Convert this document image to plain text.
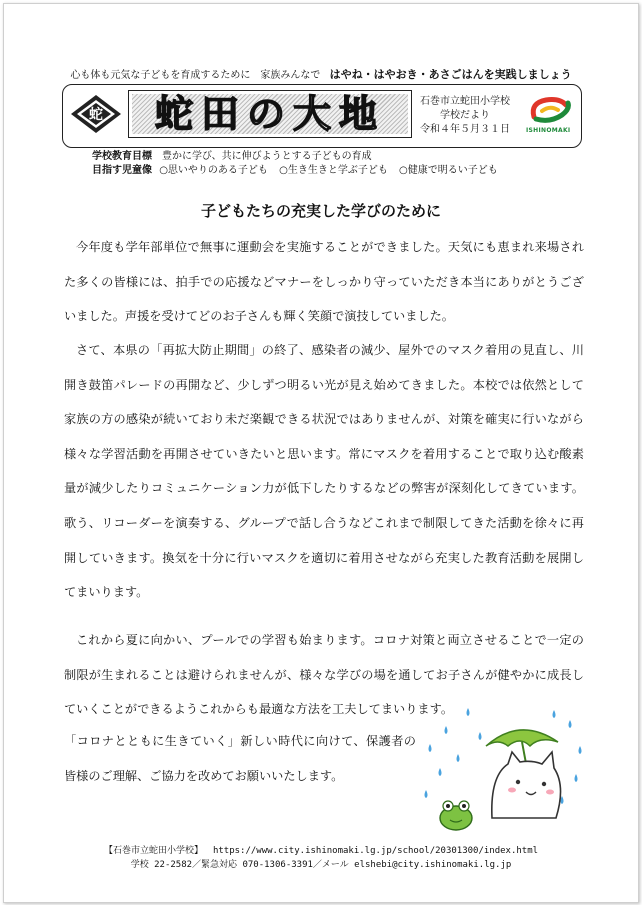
心も体も元気な子どもを育成するために　家族みんなで はやね・はやおき・あさごはんを実践しましょう
蛇	蛇田の大地	石巻市立蛇田小学校
学校だより
令和４年５月３１日	ISHINOMAKI
学校教育目標 豊かに学び、共に伸びようとする子どもの育成
目指す児童像 ○思いやりのある子ども ○生き生きと学ぶ子ども ○健康で明るい子ども
子どもたちの充実した学びのために
今年度も学年部単位で無事に運動会を実施することができました。天気にも恵まれ来場された多くの皆様には、拍手での応援などマナーをしっかり守っていただき本当にありがとうございました。声援を受けてどのお子さんも輝く笑顔で演技していました。
さて、本県の「再拡大防止期間」の終了、感染者の減少、屋外でのマスク着用の見直し、川開き鼓笛パレードの再開など、少しずつ明るい光が見え始めてきました。本校では依然として家族の方の感染が続いており未だ楽観できる状況ではありませんが、対策を確実に行いながら様々な学習活動を再開させていきたいと思います。常にマスクを着用することで取り込む酸素量が減少したりコミュニケーション力が低下したりするなどの弊害が深刻化してきています。歌う、リコーダーを演奏する、グループで話し合うなどこれまで制限してきた活動を徐々に再開していきます。換気を十分に行いマスクを適切に着用させながら充実した教育活動を展開してまいります。
これから夏に向かい、プールでの学習も始まります。コロナ対策と両立させることで一定の制限が生まれることは避けられませんが、様々な学びの場を通してお子さんが健やかに成長していくことができるようこれからも最適な方法を工夫してまいります。
「コロナとともに生きていく」新しい時代に向けて、保護者の皆様のご理解、ご協力を改めてお願いいたします。
【石巻市立蛇田小学校】 https://www.city.ishinomaki.lg.jp/school/20301300/index.html
学校 22-2582／緊急対応 070-1306-3391／メール elshebi@city.ishinomaki.lg.jp
